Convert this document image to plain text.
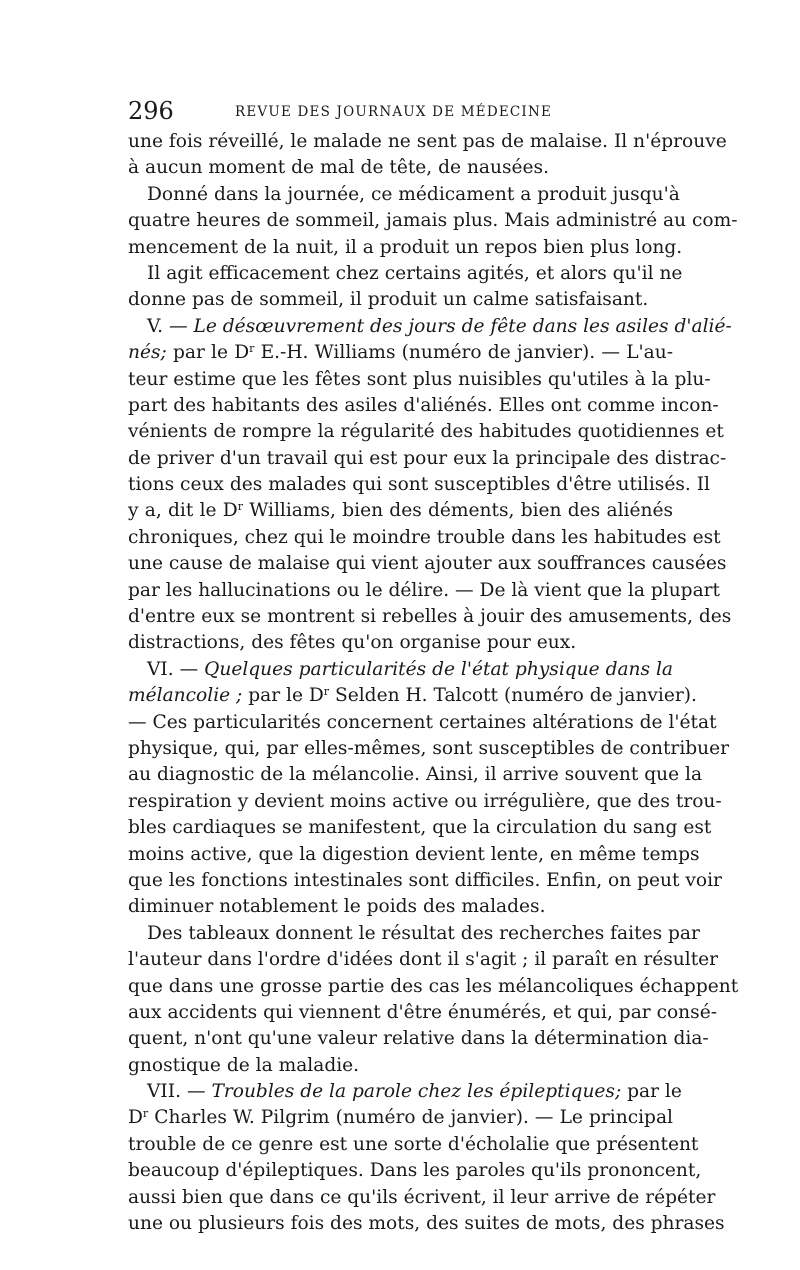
296	REVUE DES JOURNAUX DE MÉDECINE
une fois réveillé, le malade ne sent pas de malaise. Il n'éprouve
à aucun moment de mal de tête, de nausées.
Donné dans la journée, ce médicament a produit jusqu'à
quatre heures de sommeil, jamais plus. Mais administré au com-
mencement de la nuit, il a produit un repos bien plus long.
Il agit efficacement chez certains agités, et alors qu'il ne
donne pas de sommeil, il produit un calme satisfaisant.
V. — Le désœuvrement des jours de fête dans les asiles d'alié-
nés; par le $D^r$ E.-H. Williams (numéro de janvier). — L'au-
teur estime que les fêtes sont plus nuisibles qu'utiles à la plu-
part des habitants des asiles d'aliénés. Elles ont comme incon-
vénients de rompre la régularité des habitudes quotidiennes et
de priver d'un travail qui est pour eux la principale des distrac-
tions ceux des malades qui sont susceptibles d'être utilisés. Il
y a, dit le $D^r$ Williams, bien des déments, bien des aliénés
chroniques, chez qui le moindre trouble dans les habitudes est
une cause de malaise qui vient ajouter aux souffrances causées
par les hallucinations ou le délire. — De là vient que la plupart
d'entre eux se montrent si rebelles à jouir des amusements, des
distractions, des fêtes qu'on organise pour eux.
VI. — Quelques particularités de l'état physique dans la
mélancolie ; par le $D^r$ Selden H. Talcott (numéro de janvier).
— Ces particularités concernent certaines altérations de l'état
physique, qui, par elles-mêmes, sont susceptibles de contribuer
au diagnostic de la mélancolie. Ainsi, il arrive souvent que la
respiration y devient moins active ou irrégulière, que des trou-
bles cardiaques se manifestent, que la circulation du sang est
moins active, que la digestion devient lente, en même temps
que les fonctions intestinales sont difficiles. Enfin, on peut voir
diminuer notablement le poids des malades.
Des tableaux donnent le résultat des recherches faites par
l'auteur dans l'ordre d'idées dont il s'agit ; il paraît en résulter
que dans une grosse partie des cas les mélancoliques échappent
aux accidents qui viennent d'être énumérés, et qui, par consé-
quent, n'ont qu'une valeur relative dans la détermination dia-
gnostique de la maladie.
VII. — Troubles de la parole chez les épileptiques; par le
$D^r$ Charles W. Pilgrim (numéro de janvier). — Le principal
trouble de ce genre est une sorte d'écholalie que présentent
beaucoup d'épileptiques. Dans les paroles qu'ils prononcent,
aussi bien que dans ce qu'ils écrivent, il leur arrive de répéter
une ou plusieurs fois des mots, des suites de mots, des phrases
